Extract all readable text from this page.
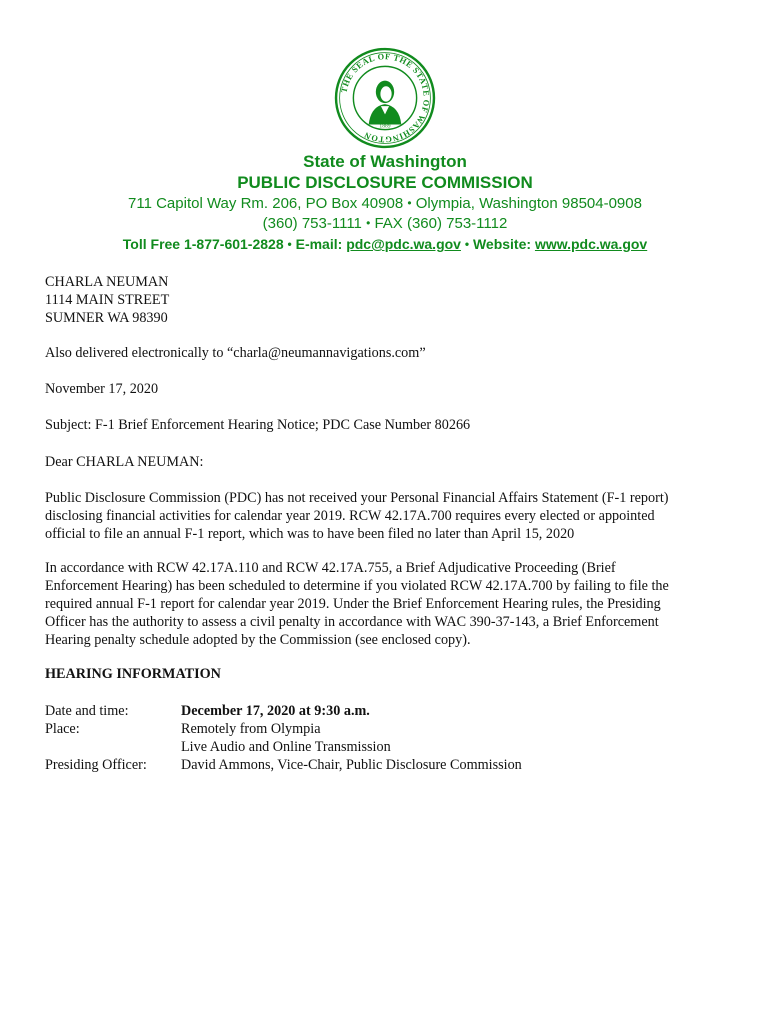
THE SEAL OF THE STATE OF WASHINGTON
1889
State of Washington
PUBLIC DISCLOSURE COMMISSION
711 Capitol Way Rm. 206, PO Box 40908 • Olympia, Washington 98504-0908
(360) 753-1111 • FAX (360) 753-1112
Toll Free 1-877-601-2828 • E-mail: pdc@pdc.wa.gov • Website: www.pdc.wa.gov
CHARLA NEUMAN
1114 MAIN STREET
SUMNER WA 98390
Also delivered electronically to “charla@neumannavigations.com”
November 17, 2020
Subject: F-1 Brief Enforcement Hearing Notice; PDC Case Number 80266
Dear CHARLA NEUMAN:
Public Disclosure Commission (PDC) has not received your Personal Financial Affairs Statement (F-1 report)
disclosing financial activities for calendar year 2019. RCW 42.17A.700 requires every elected or appointed
official to file an annual F-1 report, which was to have been filed no later than April 15, 2020
In accordance with RCW 42.17A.110 and RCW 42.17A.755, a Brief Adjudicative Proceeding (Brief
Enforcement Hearing) has been scheduled to determine if you violated RCW 42.17A.700 by failing to file the
required annual F-1 report for calendar year 2019. Under the Brief Enforcement Hearing rules, the Presiding
Officer has the authority to assess a civil penalty in accordance with WAC 390-37-143, a Brief Enforcement
Hearing penalty schedule adopted by the Commission (see enclosed copy).
HEARING INFORMATION
Date and time:	December 17, 2020 at 9:30 a.m.
Place:	Remotely from Olympia
Live Audio and Online Transmission
Presiding Officer:	David Ammons, Vice-Chair, Public Disclosure Commission
